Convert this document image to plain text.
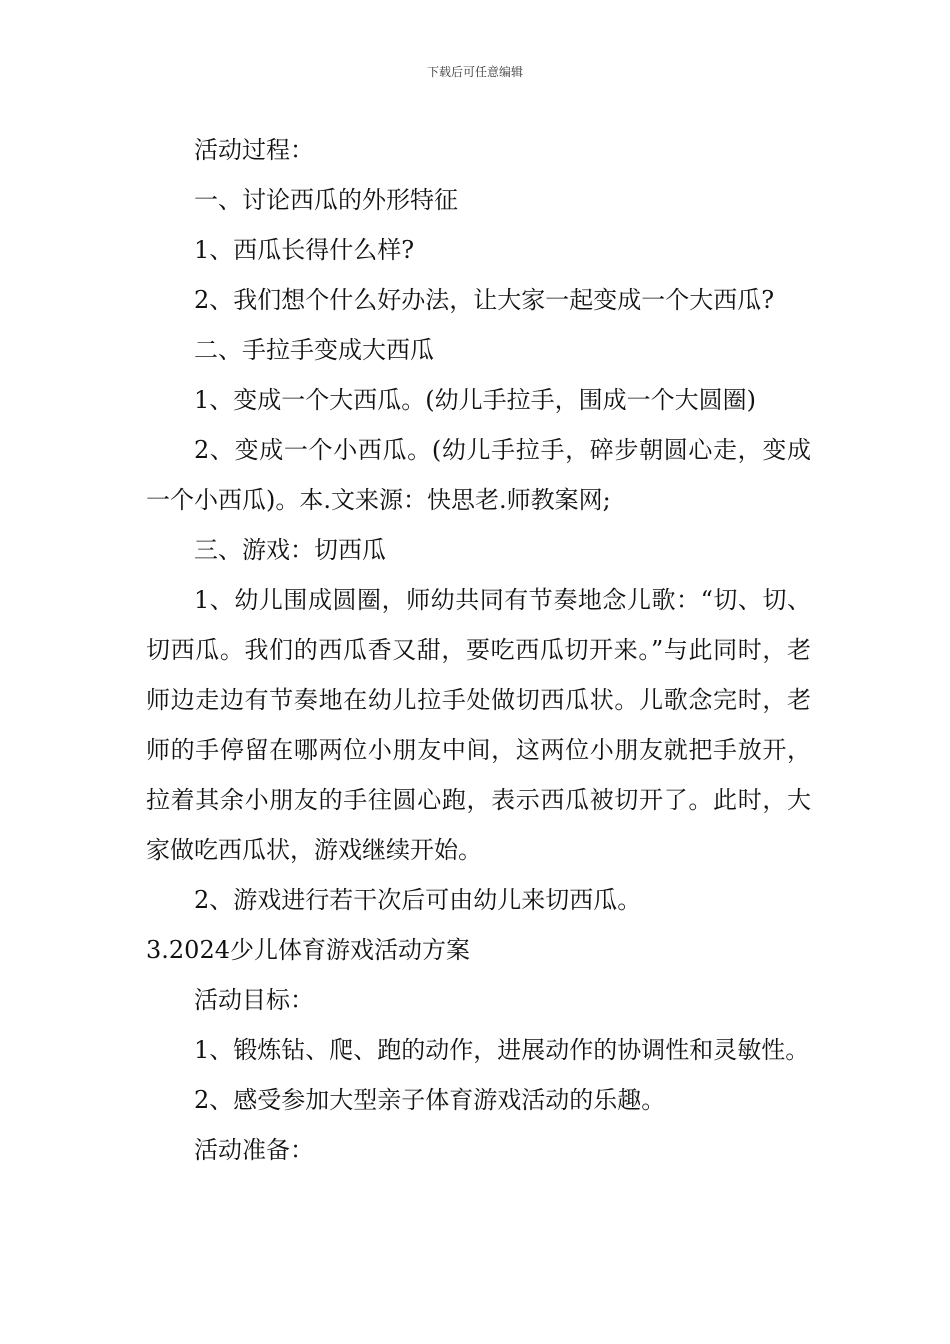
下载后可任意编辑

活动过程：

一、讨论西瓜的外形特征

1、西瓜长得什么样?

2、我们想个什么好办法，让大家一起变成一个大西瓜?

二、手拉手变成大西瓜

1、变成一个大西瓜。(幼儿手拉手，围成一个大圆圈)

2、变成一个小西瓜。(幼儿手拉手，碎步朝圆心走，变成一个小西瓜)。本.文来源：快思老.师教案网;

三、游戏：切西瓜

1、幼儿围成圆圈，师幼共同有节奏地念儿歌：“切、切、切西瓜。我们的西瓜香又甜，要吃西瓜切开来。”与此同时，老师边走边有节奏地在幼儿拉手处做切西瓜状。儿歌念完时，老师的手停留在哪两位小朋友中间，这两位小朋友就把手放开，拉着其余小朋友的手往圆心跑，表示西瓜被切开了。此时，大家做吃西瓜状，游戏继续开始。

2、游戏进行若干次后可由幼儿来切西瓜。

3.2024少儿体育游戏活动方案

活动目标：

1、锻炼钻、爬、跑的动作，进展动作的协调性和灵敏性。

2、感受参加大型亲子体育游戏活动的乐趣。

活动准备：
